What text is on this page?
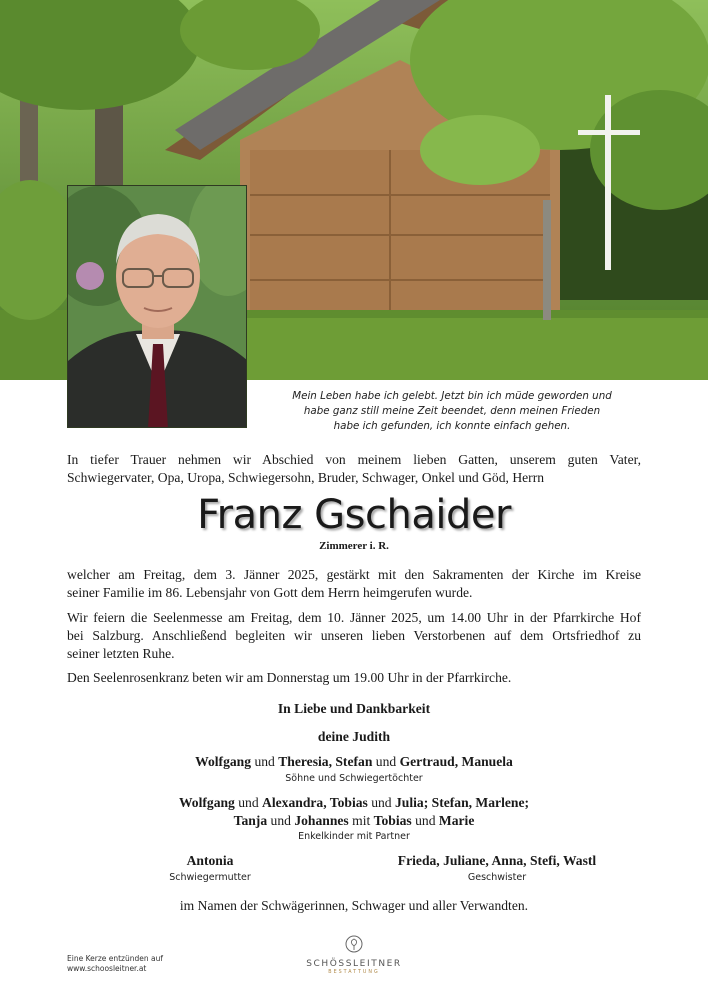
Mein Leben habe ich gelebt. Jetzt bin ich müde geworden und
habe ganz still meine Zeit beendet, denn meinen Frieden
habe ich gefunden, ich konnte einfach gehen.
In tiefer Trauer nehmen wir Abschied von meinem lieben Gatten, unserem guten Vater,
Schwiegervater, Opa, Uropa, Schwiegersohn, Bruder, Schwager, Onkel und Göd, Herrn
Franz Gschaider
Zimmerer i. R.
welcher am Freitag, dem 3. Jänner 2025, gestärkt mit den Sakramenten der Kirche im Kreise
seiner Familie im 86. Lebensjahr von Gott dem Herrn heimgerufen wurde.
Wir feiern die Seelenmesse am Freitag, dem 10. Jänner 2025, um 14.00 Uhr in der Pfarrkirche Hof
bei Salzburg. Anschließend begleiten wir unseren lieben Verstorbenen auf dem Ortsfriedhof zu
seiner letzten Ruhe.
Den Seelenrosenkranz beten wir am Donnerstag um 19.00 Uhr in der Pfarrkirche.
In Liebe und Dankbarkeit
deine Judith
Wolfgang und Theresia, Stefan und Gertraud, Manuela
Söhne und Schwiegertöchter
Wolfgang und Alexandra, Tobias und Julia; Stefan, Marlene;
Tanja und Johannes mit Tobias und Marie
Enkelkinder mit Partner
Antonia
Schwiegermutter
Frieda, Juliane, Anna, Stefi, Wastl
Geschwister
im Namen der Schwägerinnen, Schwager und aller Verwandten.
Eine Kerze entzünden auf
www.schoosleitner.at	SCHÖSSLEITNER
BESTATTUNG
